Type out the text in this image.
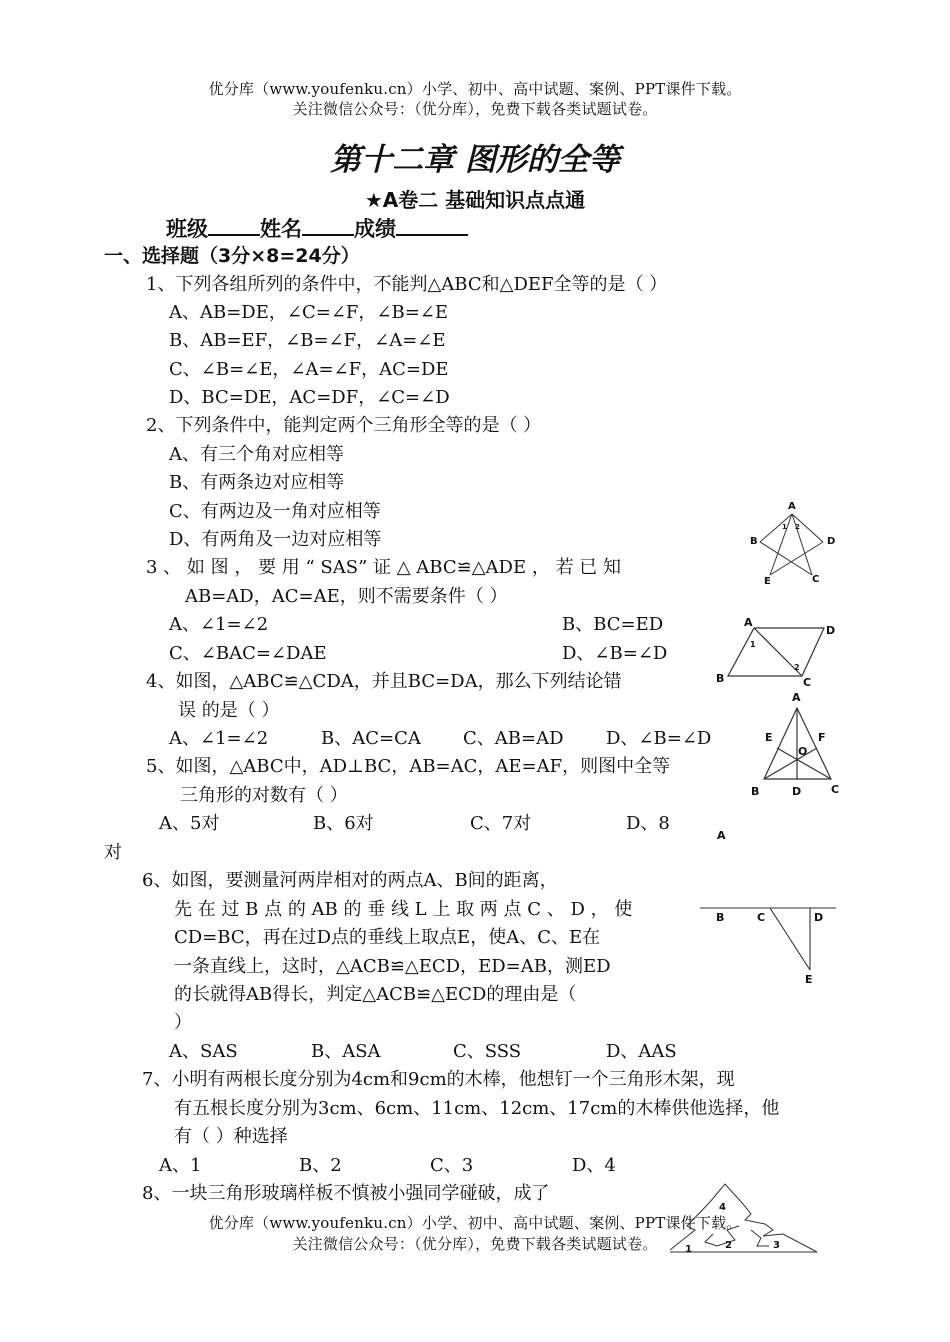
优分库（www.youfenku.cn）小学、初中、高中试题、案例、PPT课件下载。
关注微信公众号：（优分库），免费下载各类试题试卷。
第十二章 图形的全等
★A卷二 基础知识点点通
班级 姓名 成绩
一、选择题（3分×8=24分）
1、下列各组所列的条件中，不能判△ABC和△DEF全等的是（ ）
A、AB=DE，∠C=∠F，∠B=∠E
B、AB=EF，∠B=∠F，∠A=∠E
C、∠B=∠E，∠A=∠F，AC=DE
D、BC=DE，AC=DF，∠C=∠D
2、下列条件中，能判定两个三角形全等的是（ ）
A、有三个角对应相等
B、有两条边对应相等
C、有两边及一角对应相等
D、有两角及一边对应相等
3 、 如 图 ， 要 用 “ SAS” 证 △ ABC≌△ADE ， 若 已 知
AB=AD，AC=AE，则不需要条件（ ）
A、∠1=∠2	B、BC=ED
C、∠BAC=∠DAE	D、∠B=∠D
4、如图，△ABC≌△CDA，并且BC=DA，那么下列结论错
误 的是（ ）
A、∠1=∠2	B、AC=CA C、AB=AD D、∠B=∠D
5、如图，△ABC中，AD⊥BC，AB=AC，AE=AF，则图中全等
三角形的对数有（ ）
A、5对	B、6对	C、7对	D、8
对
6、如图，要测量河两岸相对的两点A、B间的距离，
先 在 过 B 点 的 AB 的 垂 线 L 上 取 两 点 C 、 D ， 使
CD=BC，再在过D点的垂线上取点E，使A、C、E在
一条直线上，这时，△ACB≌△ECD，ED=AB，测ED
的长就得AB得长，判定△ACB≌△ECD的理由是（
）
A、SAS	B、ASA	C、SSS	D、AAS
7、小明有两根长度分别为4cm和9cm的木棒，他想钉一个三角形木架，现
有五根长度分别为3cm、6cm、11cm、12cm、17cm的木棒供他选择，他
有（ ）种选择
A、1	B、2	C、3	D、4
8、一块三角形玻璃样板不慎被小强同学碰破，成了
优分库（www.youfenku.cn）小学、初中、高中试题、案例、PPT课件下载。
关注微信公众号：（优分库），免费下载各类试题试卷。
A
B	D
E	C
1 2
A
D
B	C
1
2
A
E	F
O
B	D	C
A
B	C	D
E
4
1	2	3
